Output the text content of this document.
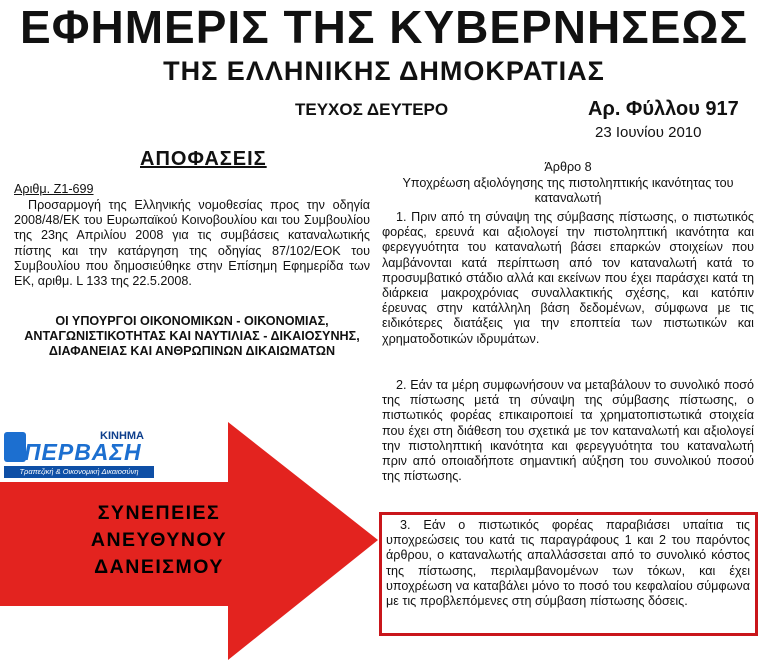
ΕΦΗΜΕΡΙΣ ΤΗΣ ΚΥΒΕΡΝΗΣΕΩΣ
ΤΗΣ ΕΛΛΗΝΙΚΗΣ ΔΗΜΟΚΡΑΤΙΑΣ
ΤΕΥΧΟΣ ΔΕΥΤΕΡΟ	Αρ. Φύλλου 917
23 Ιουνίου 2010
ΑΠΟΦΑΣΕΙΣ
Αριθμ. Ζ1-699
Προσαρμογή της Ελληνικής νομοθεσίας προς την οδηγία 2008/48/ΕΚ του Ευρωπαϊκού Κοινοβουλίου και του Συμβουλίου της 23ης Απριλίου 2008 για τις συμβάσεις καταναλωτικής πίστης και την κατάργηση της οδηγίας 87/102/ΕΟΚ του Συμβουλίου που δημοσιεύθηκε στην Επίσημη Εφημερίδα των ΕΚ, αριθμ. L 133 της 22.5.2008.
ΟΙ ΥΠΟΥΡΓΟΙ ΟΙΚΟΝΟΜΙΚΩΝ - ΟΙΚΟΝΟΜΙΑΣ, ΑΝΤΑΓΩΝΙΣΤΙΚΟΤΗΤΑΣ ΚΑΙ ΝΑΥΤΙΛΙΑΣ - ΔΙΚΑΙΟΣΥΝΗΣ, ΔΙΑΦΑΝΕΙΑΣ ΚΑΙ ΑΝΘΡΩΠΙΝΩΝ ΔΙΚΑΙΩΜΑΤΩΝ
ΣΥΝΕΠΕΙΕΣ
ΑΝΕΥΘΥΝΟΥ
ΔΑΝΕΙΣΜΟΥ
ΚΙΝΗΜΑ
ΠΕΡΒΑΣΗ
Τραπεζική & Οικονομική Δικαιοσύνη
Άρθρο 8
Υποχρέωση αξιολόγησης της πιστοληπτικής ικανότητας του καταναλωτή
1. Πριν από τη σύναψη της σύμβασης πίστωσης, ο πιστωτικός φορέας, ερευνά και αξιολογεί την πιστοληπτική ικανότητα και φερεγγυότητα του καταναλωτή βάσει επαρκών στοιχείων που λαμβάνονται κατά περίπτωση από τον καταναλωτή κατά το προσυμβατικό στάδιο αλλά και εκείνων που έχει παράσχει κατά τη διάρκεια μακροχρόνιας συναλλακτικής σχέσης, και κατόπιν έρευνας στην κατάλληλη βάση δεδομένων, σύμφωνα με τις ειδικότερες διατάξεις για την εποπτεία των πιστωτικών και χρηματοδοτικών ιδρυμάτων.
2. Εάν τα μέρη συμφωνήσουν να μεταβάλουν το συνολικό ποσό της πίστωσης μετά τη σύναψη της σύμβασης πίστωσης, ο πιστωτικός φορέας επικαιροποιεί τα χρηματοπιστωτικά στοιχεία που έχει στη διάθεση του σχετικά με τον καταναλωτή και αξιολογεί την πιστοληπτική ικανότητα και φερεγγυότητα του καταναλωτή πριν από οποιαδήποτε σημαντική αύξηση του συνολικού ποσού της πίστωσης.
3. Εάν ο πιστωτικός φορέας παραβιάσει υπαίτια τις υποχρεώσεις του κατά τις παραγράφους 1 και 2 του παρόντος άρθρου, ο καταναλωτής απαλλάσσεται από το συνολικό κόστος της πίστωσης, περιλαμβανομένων των τόκων, και έχει υποχρέωση να καταβάλει μόνο το ποσό του κεφαλαίου σύμφωνα με τις προβλεπόμενες στη σύμβαση πίστωσης δόσεις.
